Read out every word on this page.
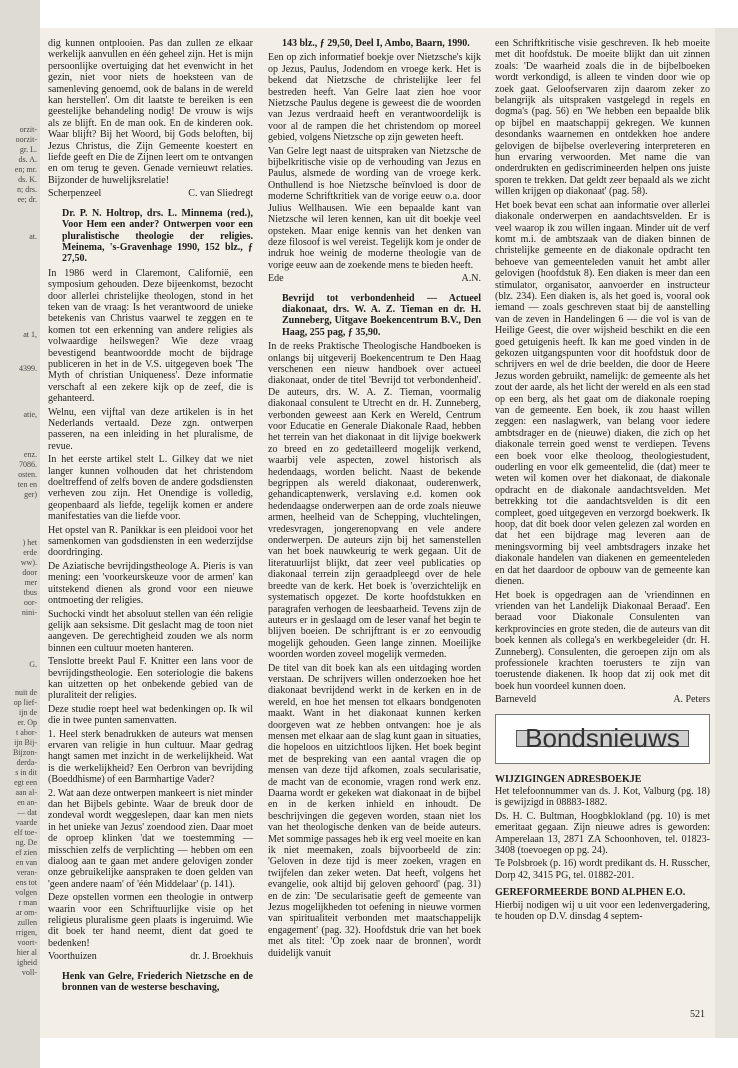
orzit-
oorzit-
gr. L.
ds. A.
en; mr.
ds. K.
n; drs.
ee; dr.
at.
at 1,
4399.
atie,
enz.
7086.
osten.
ten en
ger)
) het
erde
ww).
door
mer
tbus
oor-
nini-
G.
nuit de
op lief-
ijn de
er. Op
t abor-
ijn Bij-
Bijzon-
derda-
s in dit
egt een
aan al-
en an-
— dat
vaarde
elf toe-
ng. De
ef zien
en van
veran-
ens tot
volgen
r man
ar om-
zullen
rrigen,
voort-
hier al
igheid
voll-

dig kunnen ontplooien. Pas dan zullen ze elkaar werkelijk aanvullen en één geheel zijn. Het is mijn persoonlijke overtuiging dat het evenwicht in het gezin, niet voor niets de hoeksteen van de samenleving genoemd, ook de balans in de wereld kan herstellen'. Om dit laatste te bereiken is een geestelijke behandeling nodig! De vrouw is wijs als ze blijft. En de man ook. En de kinderen ook. Waar blijft? Bij het Woord, bij Gods beloften, bij Jezus Christus, die Zijn Gemeente koestert en liefde geeft en Die de Zijnen leert om te ontvangen en om terug te geven. Genade vernieuwt relaties. Bijzonder de huwelijksrelatie!

Scherpenzeel	C. van Sliedregt

Dr. P. N. Holtrop, drs. L. Minnema (red.), Voor Hem een ander? Ontwerpen voor een pluralistische theologie der religies. Meinema, 's-Gravenhage 1990, 152 blz., ƒ 27,50.

In 1986 werd in Claremont, Californië, een symposium gehouden. Deze bijeenkomst, bezocht door allerlei christelijke theologen, stond in het teken van de vraag: Is het verantwoord de unieke betekenis van Christus vaarwel te zeggen en te komen tot een erkenning van andere religies als volwaardige heilswegen? Wie deze vraag bevestigend beantwoordde mocht de bijdrage publiceren in het in de V.S. uitgegeven boek 'The Myth of christian Uniqueness'. Deze informatie verschaft al een zekere kijk op de zeef, die is gehanteerd.

Welnu, een vijftal van deze artikelen is in het Nederlands vertaald. Deze zgn. ontwerpen passeren, na een inleiding in het pluralisme, de revue.

In het eerste artikel stelt L. Gilkey dat we niet langer kunnen volhouden dat het christendom doeltreffend of zelfs boven de andere godsdiensten verheven zou zijn. Het Onendige is volledig, geopenbaard als liefde, tegelijk komen er andere manifestaties van die liefde voor.

Het opstel van R. Panikkar is een pleidooi voor het samenkomen van godsdiensten in een wederzijdse doordringing.

De Aziatische bevrijdingstheologe A. Pieris is van mening: een 'voorkeurskeuze voor de armen' kan uitstekend dienen als grond voor een nieuwe ontmoeting der religies.

Suchocki vindt het absoluut stellen van één religie gelijk aan seksisme. Dit geslacht mag de toon niet aangeven. De gerechtigheid zouden we als norm binnen een cultuur moeten hanteren.

Tenslotte breekt Paul F. Knitter een lans voor de bevrijdingstheologie. Een soteriologie die bakens kan uitzetten op het onbekende gebied van de pluraliteit der religies.

Deze studie roept heel wat bedenkingen op. Ik wil die in twee punten samenvatten.

1. Heel sterk benadrukken de auteurs wat mensen ervaren van religie in hun cultuur. Maar gedrag hangt samen met inzicht in de werkelijkheid. Wat is die werkelijkheid? Een Oerbron van bevrijding (Boeddhisme) of een Barmhartige Vader?

2. Wat aan deze ontwerpen mankeert is niet minder dan het Bijbels gebinte. Waar de breuk door de zondeval wordt weggeslepen, daar kan men niets in het unieke van Jezus' zoendood zien. Daar moet de oproep klinken 'dat we toestemming — misschien zelfs de verplichting — hebben om een dialoog aan te gaan met andere gelovigen zonder onze gebruikelijke aanspraken te doen gelden van 'geen andere naam' of 'één Middelaar' (p. 141).

Deze opstellen vormen een theologie in ontwerp waarin voor een Schriftuurlijke visie op het religieus pluralisme geen plaats is ingeruimd. Wie dit boek ter hand neemt, dient dat goed te bedenken!

Voorthuizen	dr. J. Broekhuis

Henk van Gelre, Friederich Nietzsche en de bronnen van de westerse beschaving,

143 blz., ƒ 29,50, Deel I, Ambo, Baarn, 1990.

Een op zich informatief boekje over Nietzsche's kijk op Jezus, Paulus, Jodendom en vroege kerk. Het is bekend dat Nietzsche de christelijke leer fel bestreden heeft. Van Gelre laat zien hoe voor Nietzsche Paulus degene is geweest die de woorden van Jezus verdraaid heeft en verantwoordelijk is voor al de rampen die het christendom op moreel gebied, volgens Nietzsche op zijn geweten heeft.

Van Gelre legt naast de uitspraken van Nietzsche de bijbelkritische visie op de verhouding van Jezus en Paulus, alsmede de wording van de vroege kerk. Onthullend is hoe Nietzsche beïnvloed is door de moderne Schriftkritiek van de vorige eeuw o.a. door Julius Wellhausen. Wie een bepaalde kant van Nietzsche wil leren kennen, kan uit dit boekje veel opsteken. Maar enige kennis van het denken van deze filosoof is wel vereist. Tegelijk kom je onder de indruk hoe weinig de moderne theologie van de vorige eeuw aan de zoekende mens te bieden heeft.

Ede	A.N.

Bevrijd tot verbondenheid — Actueel diakonaat, drs. W. A. Z. Tieman en dr. H. Zunneberg, Uitgave Boekencentrum B.V., Den Haag, 255 pag, ƒ 35,90.

In de reeks Praktische Theologische Handboeken is onlangs bij uitgeverij Boekencentrum te Den Haag verschenen een nieuw handboek over actueel diakonaat, onder de titel 'Bevrijd tot verbondenheid'. De auteurs, drs. W. A. Z. Tieman, voormalig diakonaal consulent te Utrecht en dr. H. Zunneberg, verbonden geweest aan Kerk en Wereld, Centrum voor Educatie en Generale Diakonale Raad, hebben het terrein van het diakonaat in dit lijvige boekwerk zo breed en zo gedetailleerd mogelijk verkend, waarbij vele aspecten, zowel historisch als hedendaags, worden belicht. Naast de bekende begrippen als wereld diakonaat, ouderenwerk, gehandicaptenwerk, verslaving e.d. komen ook hedendaagse onderwerpen aan de orde zoals nieuwe armen, heelheid van de Schepping, vluchtelingen, vredesvragen, jongerenopvang en vele andere onderwerpen. De auteurs zijn bij het samenstellen van het boek nauwkeurig te werk gegaan. Uit de literatuurlijst blijkt, dat zeer veel publicaties op diakonaal terrein zijn geraadpleegd over de hele breedte van de kerk. Het boek is 'overzichtelijk en systematisch opgezet. De korte hoofdstukken en paragrafen verhogen de leesbaarheid. Tevens zijn de auteurs er in geslaagd om de leser vanaf het begin te blijven boeien. De schrijftrant is er zo eenvoudig mogelijk gehouden. Geen lange zinnen. Moeilijke woorden worden zoveel mogelijk vermeden.

De titel van dit boek kan als een uitdaging worden verstaan. De schrijvers willen onderzoeken hoe het diakonaat bevrijdend werkt in de kerken en in de wereld, en hoe het mensen tot elkaars bondgenoten maakt. Want in het diakonaat kunnen kerken doorgeven wat ze hebben ontvangen: hoe je als mensen met elkaar aan de slag kunt gaan in situaties, die hopeloos en uitzichtloos lijken. Het boek begint met de bespreking van een aantal vragen die op mensen van deze tijd afkomen, zoals secularisatie, de macht van de economie, vragen rond werk enz. Daarna wordt er gekeken wat diakonaat in de bijbel en in de kerken inhield en inhoudt. De beschrijvingen die gegeven worden, staan niet los van het theologische denken van de beide auteurs. Met sommige passages heb ik erg veel moeite en kan ik niet meemaken, zoals bijvoorbeeld de zin: 'Geloven in deze tijd is meer zoeken, vragen en twijfelen dan zeker weten. Dat heeft, volgens het evangelie, ook altijd bij geloven gehoord' (pag. 31) en de zin: 'De secularisatie geeft de gemeente van Jezus mogelijkheden tot oefening in nieuwe vormen van spiritualiteit verbonden met maatschappelijk engagement' (pag. 32). Hoofdstuk drie van het boek met als titel: 'Op zoek naar de bronnen', wordt duidelijk vanuit

een Schriftkritische visie geschreven. Ik heb moeite met dit hoofdstuk. De moeite blijkt dan uit zinnen zoals: 'De waarheid zoals die in de bijbelboeken wordt verkondigd, is alleen te vinden door wie op zoek gaat. Geloofservaren zijn daarom zeker zo belangrijk als uitspraken vastgelegd in regels en dogma's (pag. 56) en 'We hebben een bepaalde blik op bijbel en maatschappij gekregen. We kunnen desondanks waarnemen en ontdekken hoe andere gelovigen de bijbelse overlevering interpreteren en hun ervaring verwoorden. Met name die van onderdrukten en gediscrimineerden helpen ons juiste sporen te trekken. Dat geldt zeer bepaald als we zicht willen krijgen op diakonaat' (pag. 58).

Het boek bevat een schat aan informatie over allerlei diakonale onderwerpen en aandachtsvelden. Er is veel waarop ik zou willen ingaan. Minder uit de verf komt m.i. de ambtszaak van de diaken binnen de christelijke gemeente en de diakonale opdracht ten behoeve van gemeenteleden vanuit het ambt aller gelovigen (hoofdstuk 8). Een diaken is meer dan een stimulator, organisator, aanvoerder en instructeur (blz. 234). Een diaken is, als het goed is, vooral ook iemand — zoals geschreven staat bij de aanstelling van de zeven in Handelingen 6 — die vol is van de Heilige Geest, die over wijsheid beschikt en die een goed getuigenis heeft. Ik kan me goed vinden in de gekozen uitgangspunten voor dit hoofdstuk door de schrijvers en wel de drie beelden, die door de Heere Jezus worden gebruikt, namelijk: de gemeente als het zout der aarde, als het licht der wereld en als een stad op een berg, als het gaat om de diakonale roeping van de gemeente. Een boek, ik zou haast willen zeggen: een naslagwerk, van belang voor iedere ambtsdrager en de (nieuwe) diaken, die zich op het diakonale terrein goed wenst te verdiepen. Tevens een boek voor elke theoloog, theologiestudent, ouderling en voor elk gemeentelid, die (dat) meer te weten wil komen over het diakonaat, de diakonale opdracht en de diakonale aandachtsvelden. Met betrekking tot die aandachtsvelden is dit een compleet, goed uitgegeven en verzorgd boekwerk. Ik hoop, dat dit boek door velen gelezen zal worden en dat het een bijdrage mag leveren aan de meningsvorming bij veel ambtsdragers inzake het diakonale handelen van diakenen en gemeenteleden en dat het daardoor de opbouw van de gemeente kan dienen.

Het boek is opgedragen aan de 'vriendinnen en vrienden van het Landelijk Diakonaal Beraad'. Een beraad voor Diakonale Consulenten van kerkprovincies en grote steden, die de auteurs van dit boek kennen als collega's en werkbegeleider (dr. H. Zunneberg). Consulenten, die geroepen zijn om als professionele krachten toerusters te zijn van toerustende diakenen. Ik hoop dat zij ook met dit boek hun voordeel kunnen doen.

Barneveld	A. Peters
Bondsnieuws

WIJZIGINGEN ADRESBOEKJE

Het telefoonnummer van ds. J. Kot, Valburg (pg. 18) is gewijzigd in 08883-1882.

Ds. H. C. Bultman, Hoogbklokland (pg. 10) is met emeritaat gegaan. Zijn nieuwe adres is geworden: Amperelaan 13, 2871 ZA Schoonhoven, tel. 01823-3408 (toevoegen op pg. 24).

Te Polsbroek (p. 16) wordt predikant ds. H. Russcher, Dorp 42, 3415 PG, tel. 01882-201.

GEREFORMEERDE BOND ALPHEN E.O.

Hierbij nodigen wij u uit voor een ledenvergadering, te houden op D.V. dinsdag 4 septem-

521
